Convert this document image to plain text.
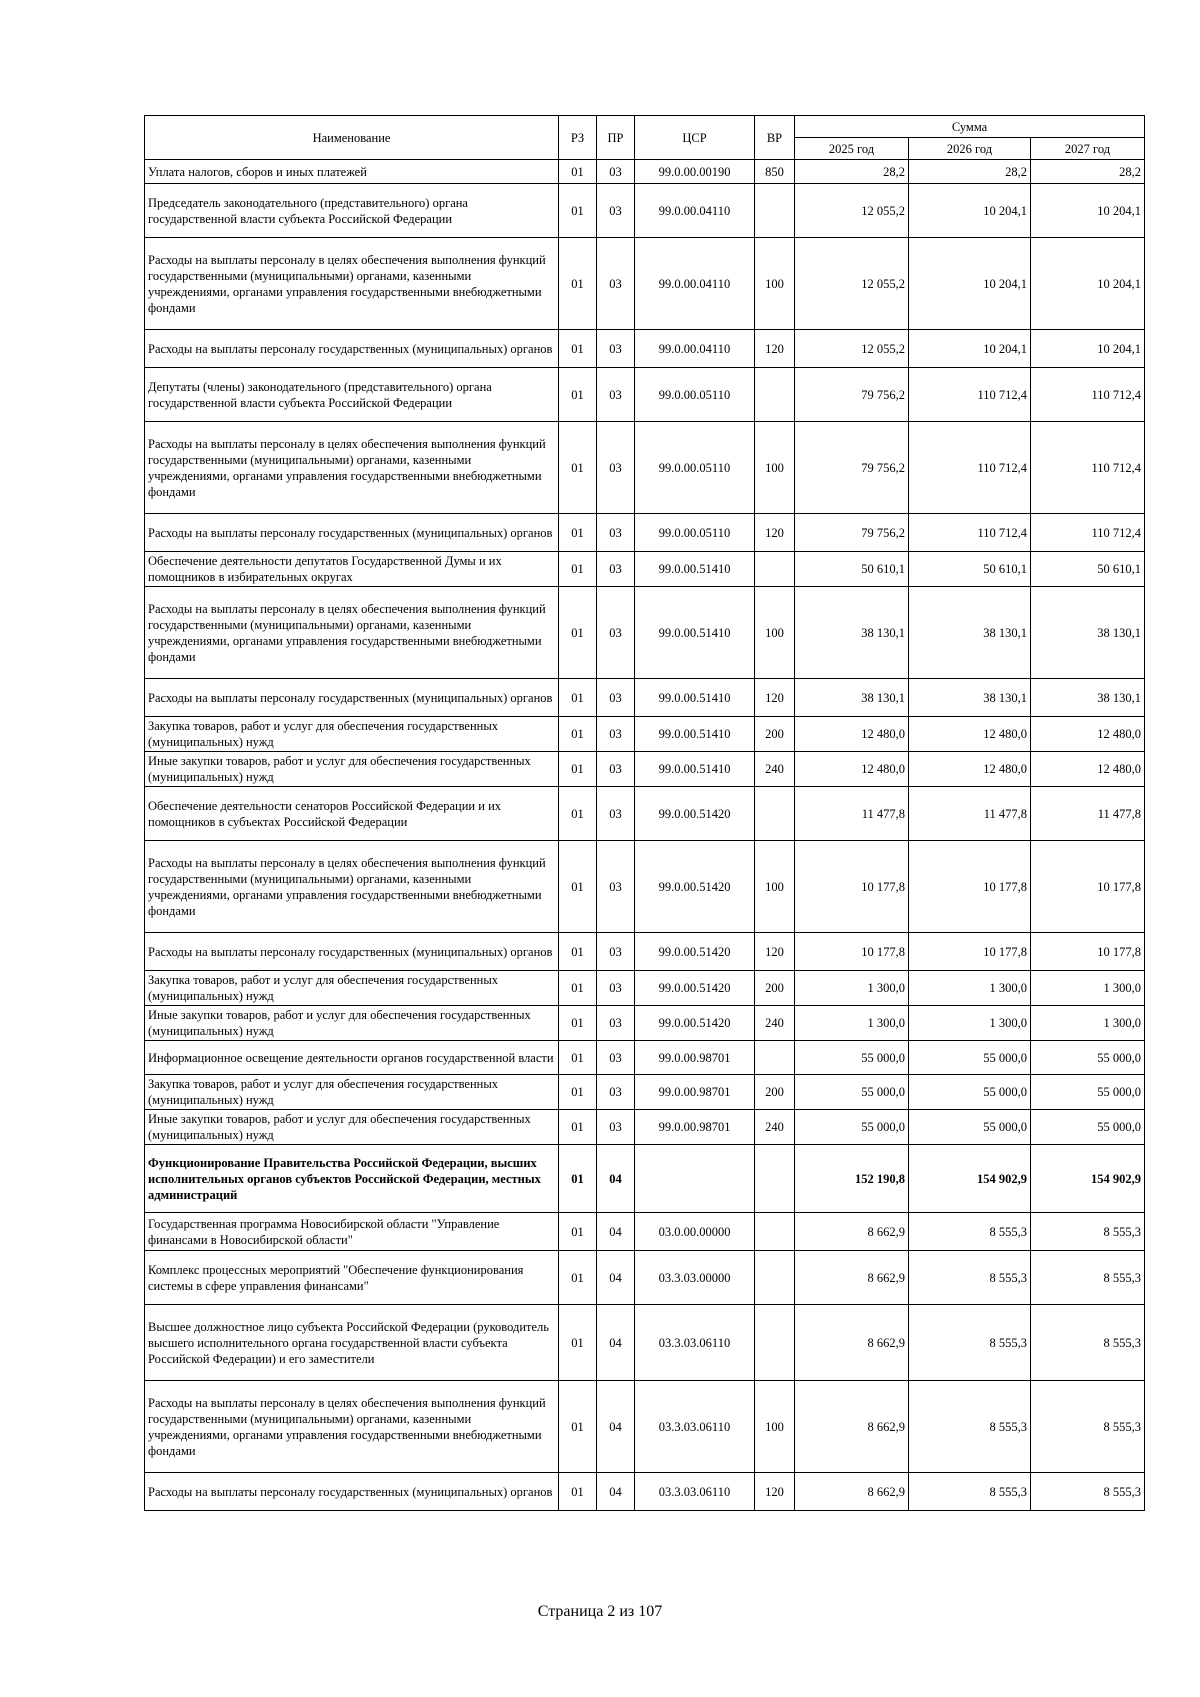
Наименование	РЗ	ПР	ЦСР	ВР	Сумма		
					2025 год	2026 год	2027 год
Уплата налогов, сборов и иных платежей	01	03	99.0.00.00190	850	28,2	28,2	28,2
Председатель законодательного (представительного) органа государственной власти субъекта Российской Федерации	01	03	99.0.00.04110		12 055,2	10 204,1	10 204,1
Расходы на выплаты персоналу в целях обеспечения выполнения функций государственными (муниципальными) органами, казенными учреждениями, органами управления государственными внебюджетными фондами	01	03	99.0.00.04110	100	12 055,2	10 204,1	10 204,1
Расходы на выплаты персоналу государственных (муниципальных) органов	01	03	99.0.00.04110	120	12 055,2	10 204,1	10 204,1
Депутаты (члены) законодательного (представительного) органа государственной власти субъекта Российской Федерации	01	03	99.0.00.05110		79 756,2	110 712,4	110 712,4
Расходы на выплаты персоналу в целях обеспечения выполнения функций государственными (муниципальными) органами, казенными учреждениями, органами управления государственными внебюджетными фондами	01	03	99.0.00.05110	100	79 756,2	110 712,4	110 712,4
Расходы на выплаты персоналу государственных (муниципальных) органов	01	03	99.0.00.05110	120	79 756,2	110 712,4	110 712,4
Обеспечение деятельности депутатов Государственной Думы и их помощников в избирательных округах	01	03	99.0.00.51410		50 610,1	50 610,1	50 610,1
Расходы на выплаты персоналу в целях обеспечения выполнения функций государственными (муниципальными) органами, казенными учреждениями, органами управления государственными внебюджетными фондами	01	03	99.0.00.51410	100	38 130,1	38 130,1	38 130,1
Расходы на выплаты персоналу государственных (муниципальных) органов	01	03	99.0.00.51410	120	38 130,1	38 130,1	38 130,1
Закупка товаров, работ и услуг для обеспечения государственных (муниципальных) нужд	01	03	99.0.00.51410	200	12 480,0	12 480,0	12 480,0
Иные закупки товаров, работ и услуг для обеспечения государственных (муниципальных) нужд	01	03	99.0.00.51410	240	12 480,0	12 480,0	12 480,0
Обеспечение деятельности сенаторов Российской Федерации и их помощников в субъектах Российской Федерации	01	03	99.0.00.51420		11 477,8	11 477,8	11 477,8
Расходы на выплаты персоналу в целях обеспечения выполнения функций государственными (муниципальными) органами, казенными учреждениями, органами управления государственными внебюджетными фондами	01	03	99.0.00.51420	100	10 177,8	10 177,8	10 177,8
Расходы на выплаты персоналу государственных (муниципальных) органов	01	03	99.0.00.51420	120	10 177,8	10 177,8	10 177,8
Закупка товаров, работ и услуг для обеспечения государственных (муниципальных) нужд	01	03	99.0.00.51420	200	1 300,0	1 300,0	1 300,0
Иные закупки товаров, работ и услуг для обеспечения государственных (муниципальных) нужд	01	03	99.0.00.51420	240	1 300,0	1 300,0	1 300,0
Информационное освещение деятельности органов государственной власти	01	03	99.0.00.98701		55 000,0	55 000,0	55 000,0
Закупка товаров, работ и услуг для обеспечения государственных (муниципальных) нужд	01	03	99.0.00.98701	200	55 000,0	55 000,0	55 000,0
Иные закупки товаров, работ и услуг для обеспечения государственных (муниципальных) нужд	01	03	99.0.00.98701	240	55 000,0	55 000,0	55 000,0
Функционирование Правительства Российской Федерации, высших исполнительных органов субъектов Российской Федерации, местных администраций	01	04			152 190,8	154 902,9	154 902,9
Государственная программа Новосибирской области "Управление финансами в Новосибирской области"	01	04	03.0.00.00000		8 662,9	8 555,3	8 555,3
Комплекс процессных мероприятий "Обеспечение функционирования системы в сфере управления финансами"	01	04	03.3.03.00000		8 662,9	8 555,3	8 555,3
Высшее должностное лицо субъекта Российской Федерации (руководитель высшего исполнительного органа государственной власти субъекта Российской Федерации) и его заместители	01	04	03.3.03.06110		8 662,9	8 555,3	8 555,3
Расходы на выплаты персоналу в целях обеспечения выполнения функций государственными (муниципальными) органами, казенными учреждениями, органами управления государственными внебюджетными фондами	01	04	03.3.03.06110	100	8 662,9	8 555,3	8 555,3
Расходы на выплаты персоналу государственных (муниципальных) органов	01	04	03.3.03.06110	120	8 662,9	8 555,3	8 555,3
Страница 2 из 107
